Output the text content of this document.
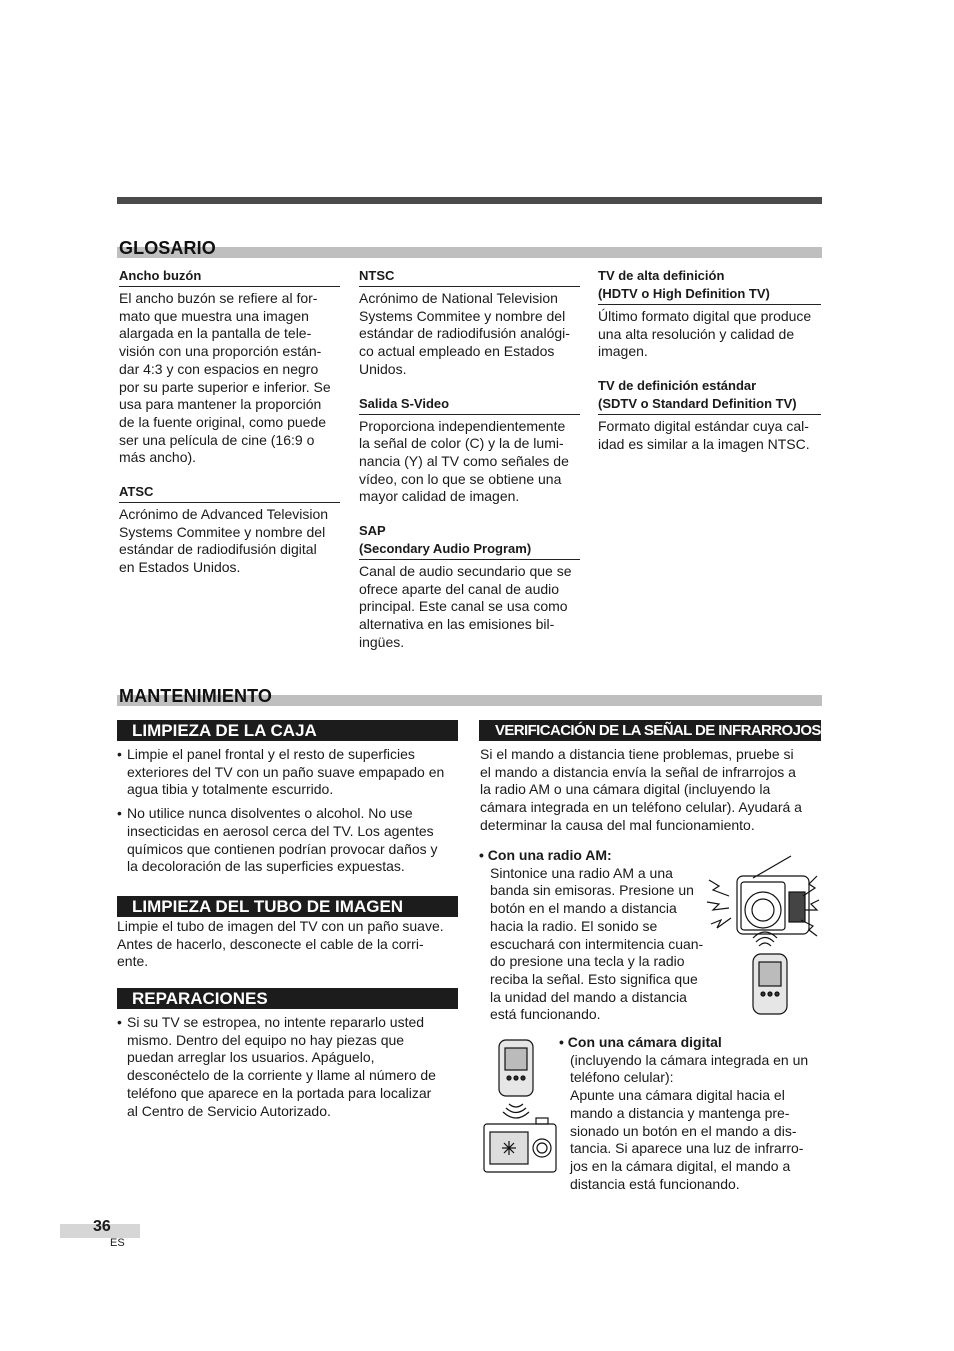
GLOSARIO
Ancho buzón
El ancho buzón se refiere al for-
mato que muestra una imagen
alargada en la pantalla de tele-
visión con una proporción están-
dar 4:3 y con espacios en negro
por su parte superior e inferior. Se
usa para mantener la proporción
de la fuente original, como puede
ser una película de cine (16:9 o
más ancho).
ATSC
Acrónimo de Advanced Television
Systems Commitee y nombre del
estándar de radiodifusión digital
en Estados Unidos.
NTSC
Acrónimo de National Television
Systems Commitee y nombre del
estándar de radiodifusión analógi-
co actual empleado en Estados
Unidos.
Salida S-Video
Proporciona independientemente
la señal de color (C) y la de lumi-
nancia (Y) al TV como señales de
vídeo, con lo que se obtiene una
mayor calidad de imagen.
SAP
(Secondary Audio Program)
Canal de audio secundario que se
ofrece aparte del canal de audio
principal. Este canal se usa como
alternativa en las emisiones bil-
ingües.
TV de alta definición
(HDTV o High Definition TV)
Último formato digital que produce
una alta resolución y calidad de
imagen.
TV de definición estándar
(SDTV o Standard Definition TV)
Formato digital estándar cuya cal-
idad es similar a la imagen NTSC.
MANTENIMIENTO
LIMPIEZA DE LA CAJA
• Limpie el panel frontal y el resto de superficies
exteriores del TV con un paño suave empapado en
agua tibia y totalmente escurrido.
• No utilice nunca disolventes o alcohol. No use
insecticidas en aerosol cerca del TV. Los agentes
químicos que contienen podrían provocar daños y
la decoloración de las superficies expuestas.
LIMPIEZA DEL TUBO DE IMAGEN
Limpie el tubo de imagen del TV con un paño suave.
Antes de hacerlo, desconecte el cable de la corri-
ente.
REPARACIONES
• Si su TV se estropea, no intente repararlo usted
mismo. Dentro del equipo no hay piezas que
puedan arreglar los usuarios. Apáguelo,
desconéctelo de la corriente y llame al número de
teléfono que aparece en la portada para localizar
al Centro de Servicio Autorizado.
VERIFICACIÓN DE LA SEÑAL DE INFRARROJOS
Si el mando a distancia tiene problemas, pruebe si
el mando a distancia envía la señal de infrarrojos a
la radio AM o una cámara digital (incluyendo la
cámara integrada en un teléfono celular). Ayudará a
determinar la causa del mal funcionamiento.
• Con una radio AM:
Sintonice una radio AM a una
banda sin emisoras. Presione un
botón en el mando a distancia
hacia la radio. El sonido se
escuchará con intermitencia cuan-
do presione una tecla y la radio
reciba la señal. Esto significa que
la unidad del mando a distancia
está funcionando.
• Con una cámara digital
(incluyendo la cámara integrada en un
teléfono celular):
Apunte una cámara digital hacia el
mando a distancia y mantenga pre-
sionado un botón en el mando a dis-
tancia. Si aparece una luz de infrarro-
jos en la cámara digital, el mando a
distancia está funcionando.
36
ES
